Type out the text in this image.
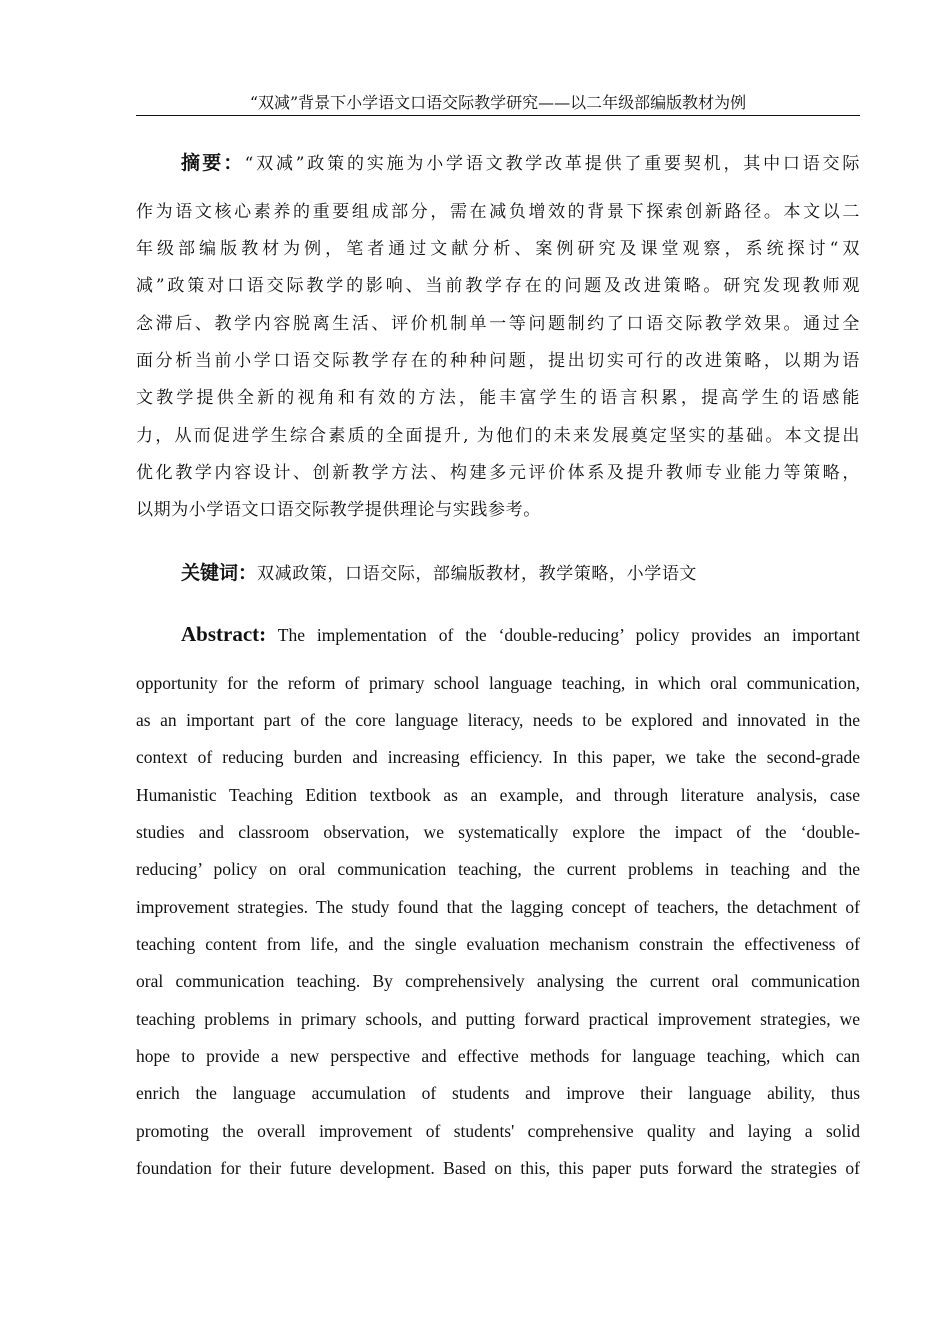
“双减”背景下小学语文口语交际教学研究——以二年级部编版教材为例
摘要：“双减”政策的实施为小学语文教学改革提供了重要契机，其中口语交际
作为语文核心素养的重要组成部分，需在减负增效的背景下探索创新路径。本文以二
年级部编版教材为例，笔者通过文献分析、案例研究及课堂观察，系统探讨“双
减”政策对口语交际教学的影响、当前教学存在的问题及改进策略。研究发现教师观
念滞后、教学内容脱离生活、评价机制单一等问题制约了口语交际教学效果。通过全
面分析当前小学口语交际教学存在的种种问题，提出切实可行的改进策略，以期为语
文教学提供全新的视角和有效的方法，能丰富学生的语言积累，提高学生的语感能
力，从而促进学生综合素质的全面提升, 为他们的未来发展奠定坚实的基础。本文提出
优化教学内容设计、创新教学方法、构建多元评价体系及提升教师专业能力等策略，
以期为小学语文口语交际教学提供理论与实践参考。
关键词：双减政策，口语交际，部编版教材，教学策略，小学语文
Abstract: The implementation of the ‘double-reducing’ policy provides an important
opportunity for the reform of primary school language teaching, in which oral communication,
as an important part of the core language literacy, needs to be explored and innovated in the
context of reducing burden and increasing efficiency. In this paper, we take the second-grade
Humanistic Teaching Edition textbook as an example, and through literature analysis, case
studies and classroom observation, we systematically explore the impact of the ‘double-
reducing’ policy on oral communication teaching, the current problems in teaching and the
improvement strategies. The study found that the lagging concept of teachers, the detachment of
teaching content from life, and the single evaluation mechanism constrain the effectiveness of
oral communication teaching. By comprehensively analysing the current oral communication
teaching problems in primary schools, and putting forward practical improvement strategies, we
hope to provide a new perspective and effective methods for language teaching, which can
enrich the language accumulation of students and improve their language ability, thus
promoting the overall improvement of students' comprehensive quality and laying a solid
foundation for their future development. Based on this, this paper puts forward the strategies of
